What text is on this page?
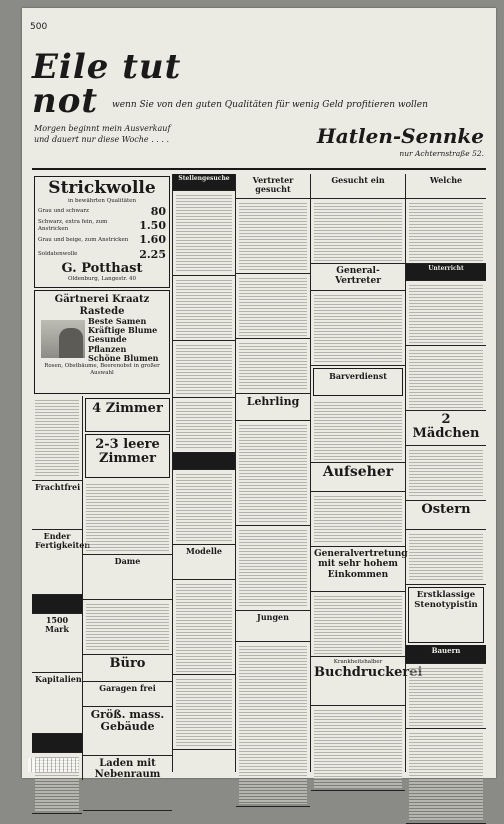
500
Eile tut not	wenn Sie von den guten Qualitäten für wenig Geld profitieren wollen
Morgen beginnt mein Ausverkauf
und dauert nur diese Woche . . . .	Hatlen-Sennke
nur Achternstraße 52.
Strickwolle
in bewährten Qualitäten
Grau und schwarz	80
Schwarz, extra fein, zum Anstricken	1.50
Grau und beige, zum Anstricken 1.60
Soldatenwolle	2.25
G. Potthast
Oldenburg, Langestr. 40
Gärtnerei Kraatz Rastede
Beste Samen
Kräftige Blume
Gesunde Pflanzen
Schöne Blumen
Rosen, Obstbäume, Beerenobst in großer Auswahl
Frachtfrei
Ender Fertigkeiten
1500 Mark
Kapitalien
4 Zimmer
2-3 leere Zimmer
Dame
Büro
Garagen frei
Größ. mass. Gebäude
Laden mit Nebenraum
Stellengesuche
Modelle
Vertreter gesucht
Lehrling
Jungen
Gesucht ein
General-Vertreter
Barverdienst
Aufseher
Generalvertretung mit sehr hohem Einkommen
Krankheitshalber
Buchdruckerei
Welche
Unterricht
2 Mädchen
Ostern
Erstklassige Stenotypistin
Bauern
